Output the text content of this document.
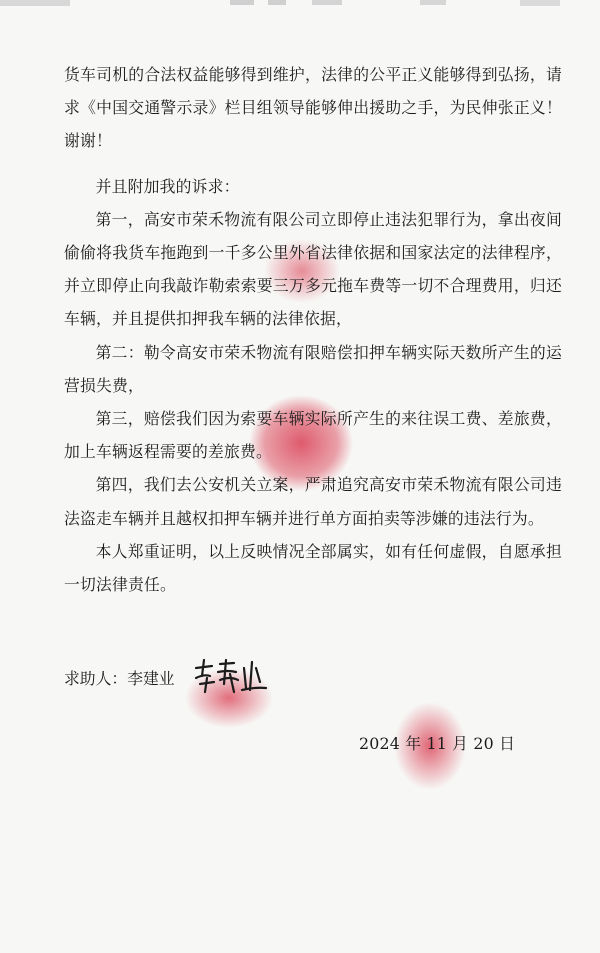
货车司机的合法权益能够得到维护，法律的公平正义能够得到弘扬，请求《中国交通警示录》栏目组领导能够伸出援助之手，为民伸张正义！谢谢！

并且附加我的诉求：

第一，高安市荣禾物流有限公司立即停止违法犯罪行为，拿出夜间偷偷将我货车拖跑到一千多公里外省法律依据和国家法定的法律程序，并立即停止向我敲诈勒索索要三万多元拖车费等一切不合理费用，归还车辆，并且提供扣押我车辆的法律依据，

第二：勒令高安市荣禾物流有限赔偿扣押车辆实际天数所产生的运营损失费，

第三，赔偿我们因为索要车辆实际所产生的来往误工费、差旅费，加上车辆返程需要的差旅费。

第四，我们去公安机关立案，严肃追究高安市荣禾物流有限公司违法盗走车辆并且越权扣押车辆并进行单方面拍卖等涉嫌的违法行为。

本人郑重证明，以上反映情况全部属实，如有任何虚假，自愿承担一切法律责任。

求助人：李建业
2024 年 11 月 20 日
